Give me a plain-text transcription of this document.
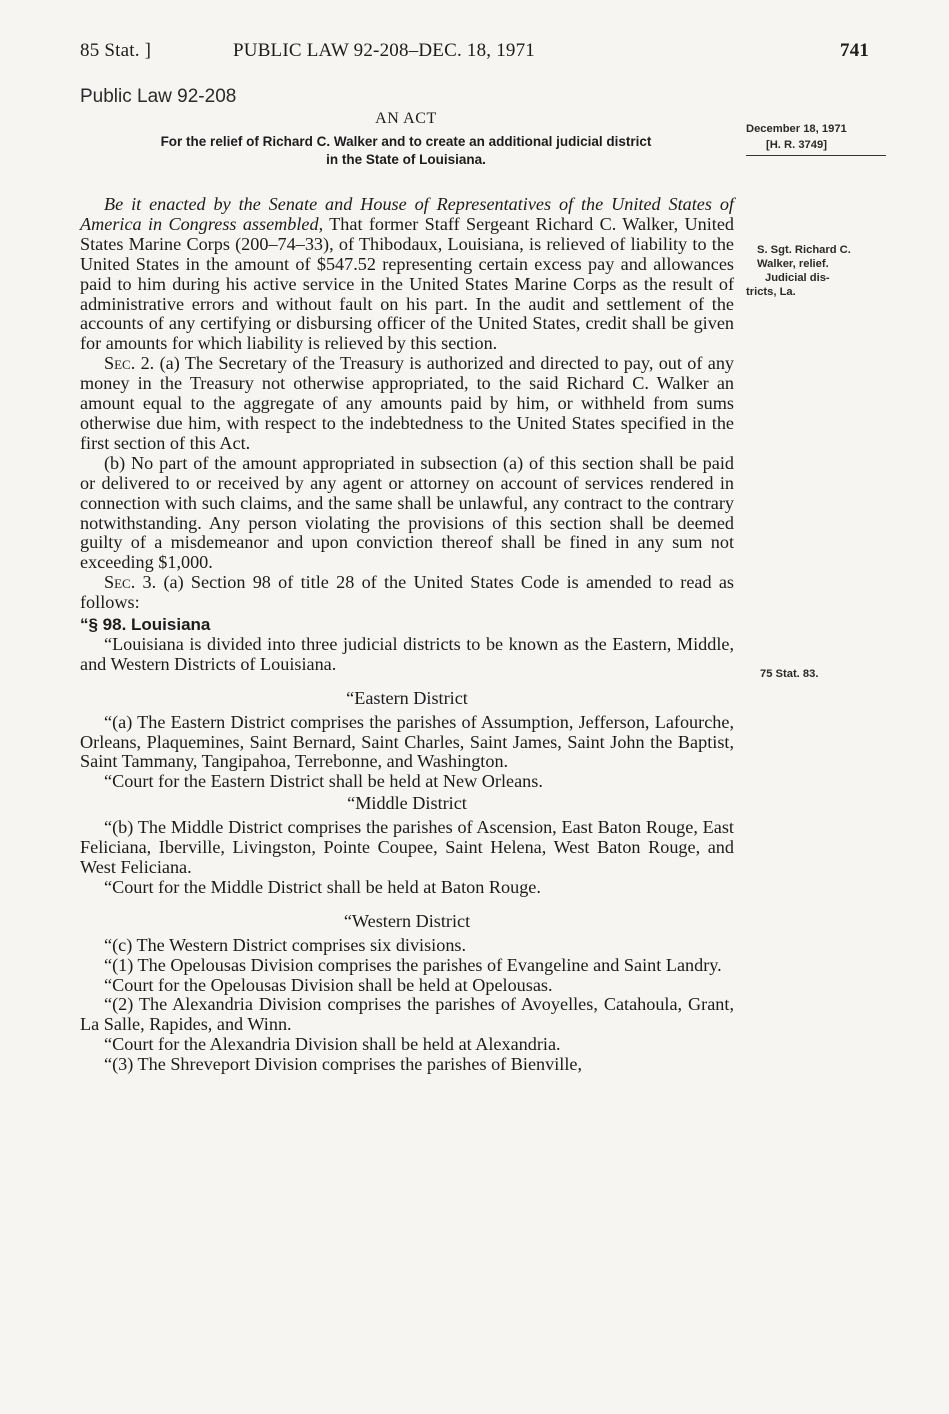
85 Stat. ]	PUBLIC LAW 92-208–DEC. 18, 1971	741
Public Law 92-208
AN ACT
For the relief of Richard C. Walker and to create an additional judicial district
in the State of Louisiana.
December 18, 1971
[H. R. 3749]
S. Sgt. Richard C.
Walker, relief.
Judicial dis-
tricts, La.
75 Stat. 83.

Be it enacted by the Senate and House of Representatives of the United States of America in Congress assembled, That former Staff Sergeant Richard C. Walker, United States Marine Corps (200–74–33), of Thibodaux, Louisiana, is relieved of liability to the United States in the amount of $547.52 representing certain excess pay and allowances paid to him during his active service in the United States Marine Corps as the result of administrative errors and without fault on his part. In the audit and settlement of the accounts of any certifying or disbursing officer of the United States, credit shall be given for amounts for which liability is relieved by this section.

Sec. 2. (a) The Secretary of the Treasury is authorized and directed to pay, out of any money in the Treasury not otherwise appropriated, to the said Richard C. Walker an amount equal to the aggregate of any amounts paid by him, or withheld from sums otherwise due him, with respect to the indebtedness to the United States specified in the first section of this Act.

(b) No part of the amount appropriated in subsection (a) of this section shall be paid or delivered to or received by any agent or attorney on account of services rendered in connection with such claims, and the same shall be unlawful, any contract to the contrary notwithstanding. Any person violating the provisions of this section shall be deemed guilty of a misdemeanor and upon conviction thereof shall be fined in any sum not exceeding $1,000.

Sec. 3. (a) Section 98 of title 28 of the United States Code is amended to read as follows:

“§ 98. Louisiana

“Louisiana is divided into three judicial districts to be known as the Eastern, Middle, and Western Districts of Louisiana.

“Eastern District

“(a) The Eastern District comprises the parishes of Assumption, Jefferson, Lafourche, Orleans, Plaquemines, Saint Bernard, Saint Charles, Saint James, Saint John the Baptist, Saint Tammany, Tangipahoa, Terrebonne, and Washington.

“Court for the Eastern District shall be held at New Orleans.

“Middle District

“(b) The Middle District comprises the parishes of Ascension, East Baton Rouge, East Feliciana, Iberville, Livingston, Pointe Coupee, Saint Helena, West Baton Rouge, and West Feliciana.

“Court for the Middle District shall be held at Baton Rouge.

“Western District

“(c) The Western District comprises six divisions.

“(1) The Opelousas Division comprises the parishes of Evangeline and Saint Landry.

“Court for the Opelousas Division shall be held at Opelousas.

“(2) The Alexandria Division comprises the parishes of Avoyelles, Catahoula, Grant, La Salle, Rapides, and Winn.

“Court for the Alexandria Division shall be held at Alexandria.

“(3) The Shreveport Division comprises the parishes of Bienville,
